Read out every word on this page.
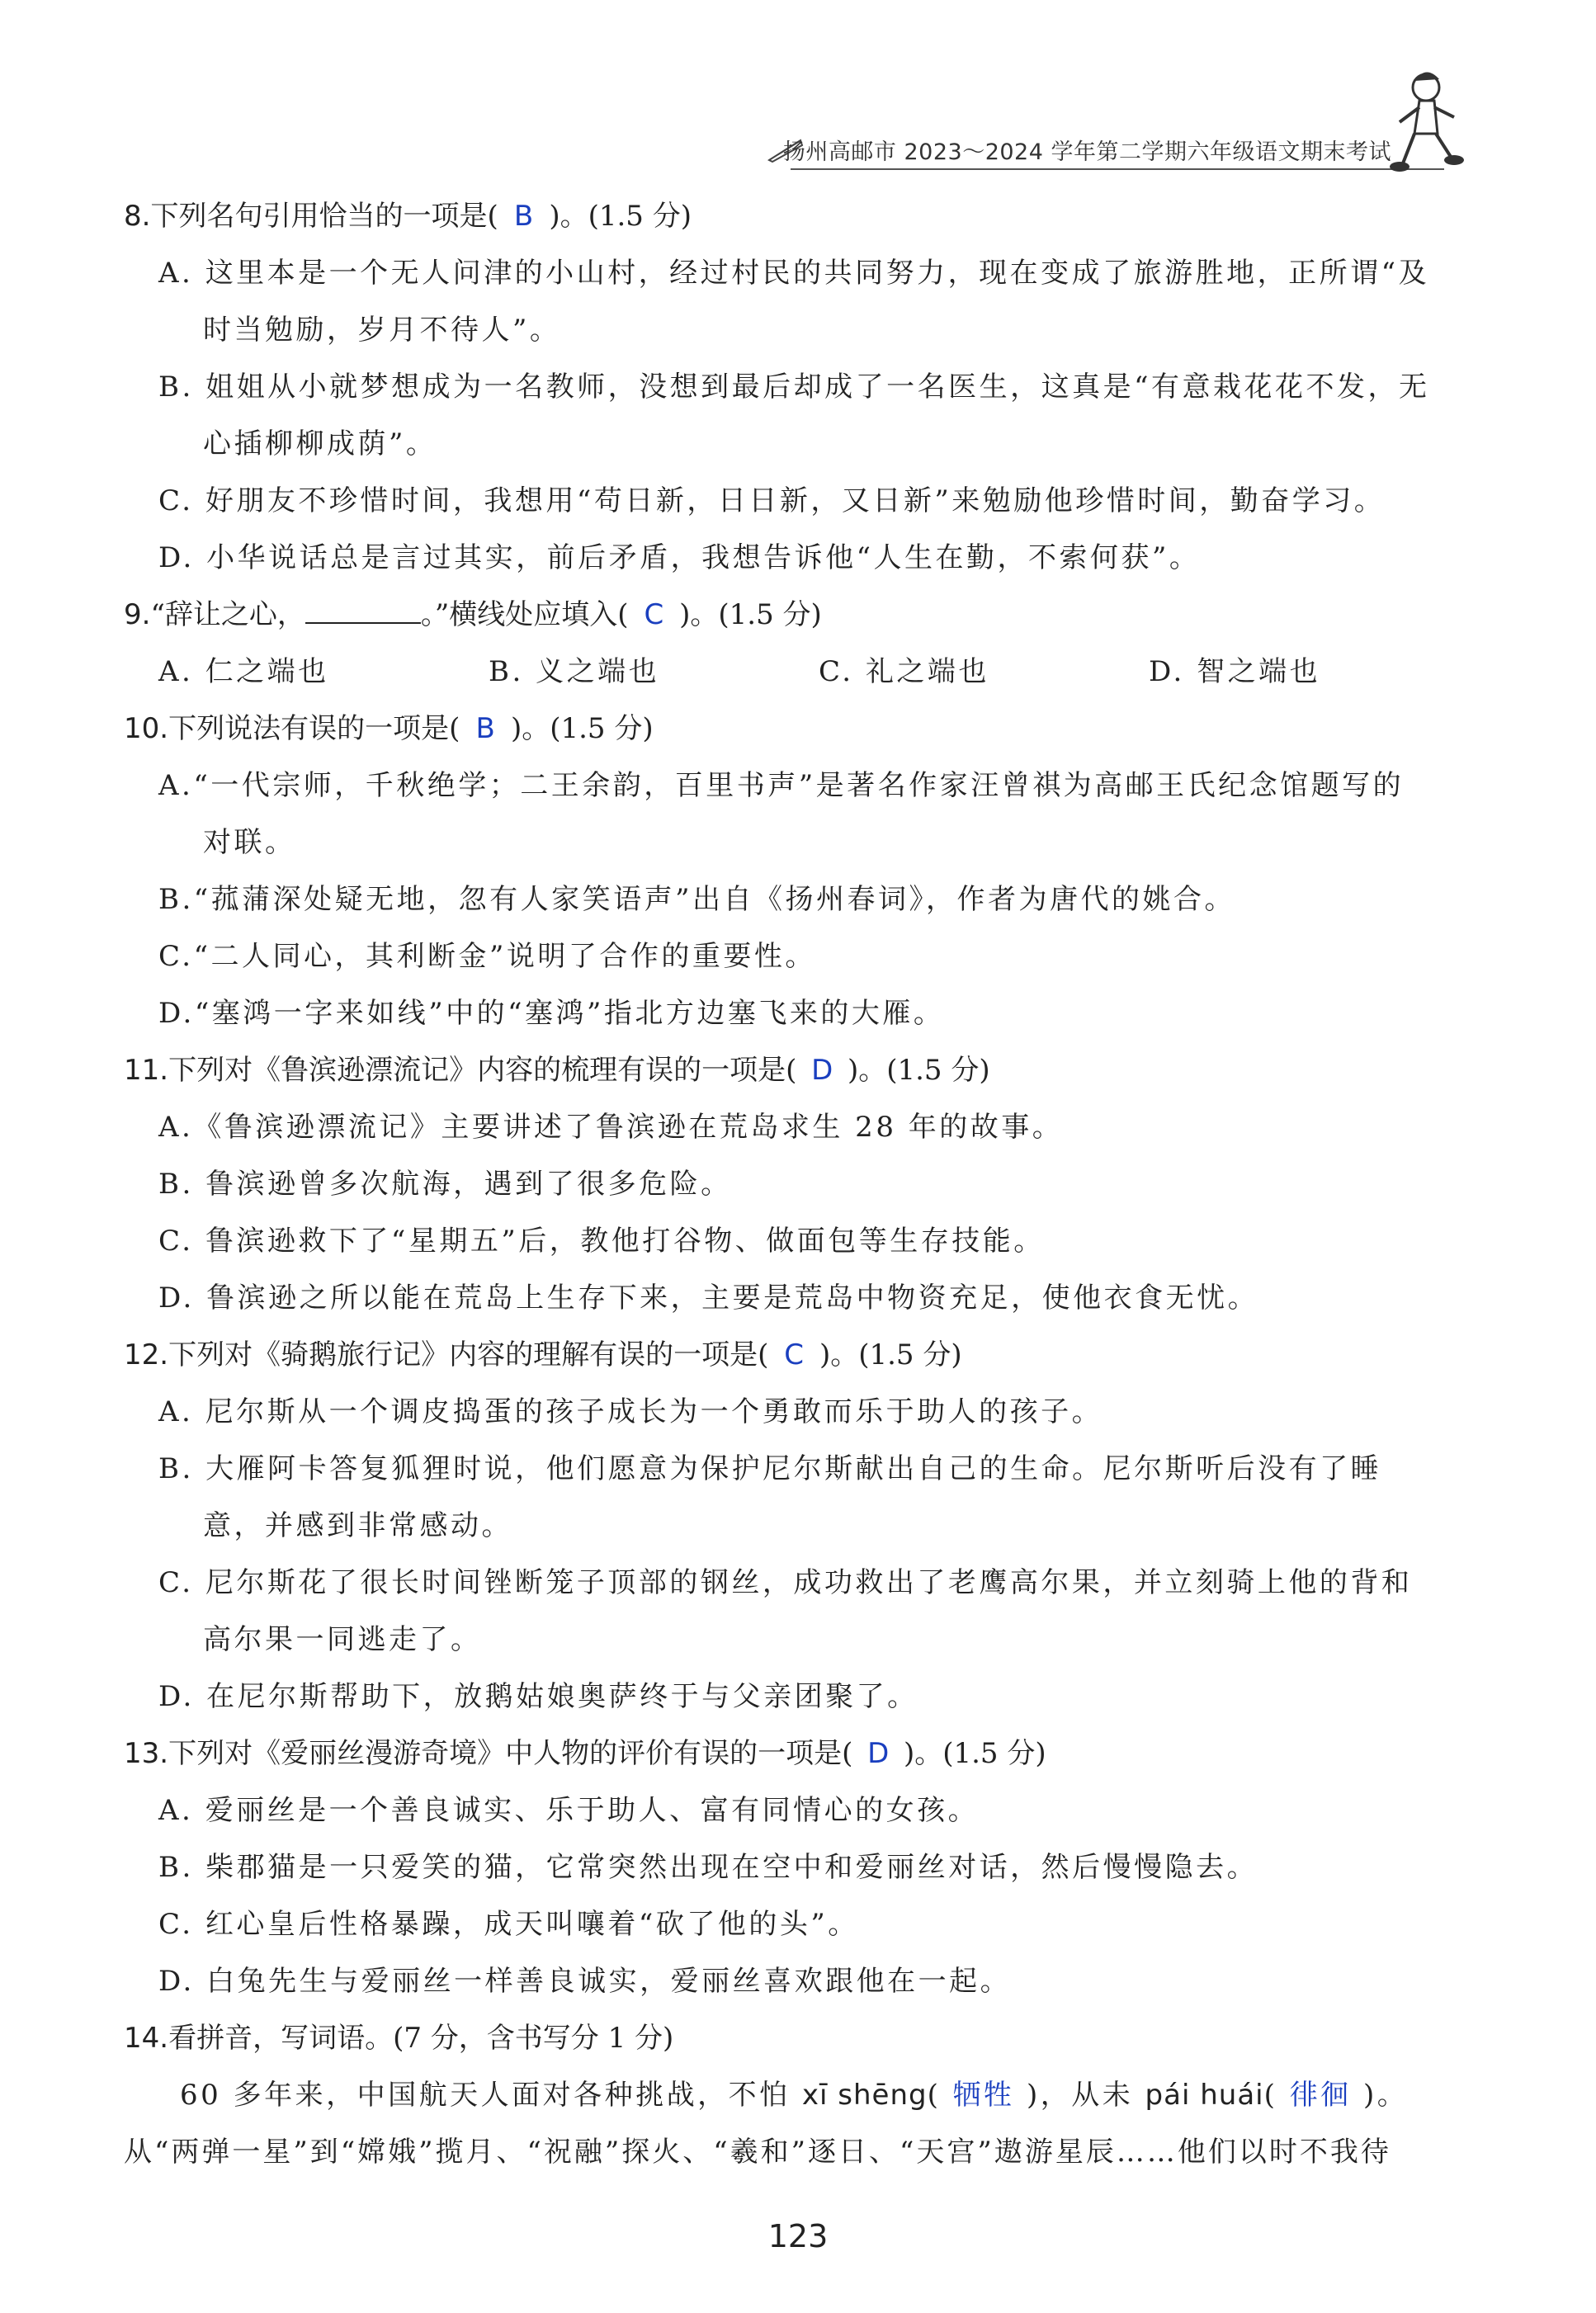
扬州高邮市 2023～2024 学年第二学期六年级语文期末考试
8.下列名句引用恰当的一项是( B )。(1.5 分)
A. 这里本是一个无人问津的小山村，经过村民的共同努力，现在变成了旅游胜地，正所谓“及
时当勉励，岁月不待人”。
B. 姐姐从小就梦想成为一名教师，没想到最后却成了一名医生，这真是“有意栽花花不发，无
心插柳柳成荫”。
C. 好朋友不珍惜时间，我想用“苟日新，日日新，又日新”来勉励他珍惜时间，勤奋学习。
D. 小华说话总是言过其实，前后矛盾，我想告诉他“人生在勤，不索何获”。
9.“辞让之心，	。”横线处应填入( C )。(1.5 分)
A. 仁之端也	B. 义之端也	C. 礼之端也	D. 智之端也
10.下列说法有误的一项是( B )。(1.5 分)
A.“一代宗师，千秋绝学；二王余韵，百里书声”是著名作家汪曾祺为高邮王氏纪念馆题写的
对联。
B.“菰蒲深处疑无地，忽有人家笑语声”出自《扬州春词》，作者为唐代的姚合。
C.“二人同心，其利断金”说明了合作的重要性。
D.“塞鸿一字来如线”中的“塞鸿”指北方边塞飞来的大雁。
11.下列对《鲁滨逊漂流记》内容的梳理有误的一项是( D )。(1.5 分)
A.《鲁滨逊漂流记》主要讲述了鲁滨逊在荒岛求生 28 年的故事。
B. 鲁滨逊曾多次航海，遇到了很多危险。
C. 鲁滨逊救下了“星期五”后，教他打谷物、做面包等生存技能。
D. 鲁滨逊之所以能在荒岛上生存下来，主要是荒岛中物资充足，使他衣食无忧。
12.下列对《骑鹅旅行记》内容的理解有误的一项是( C )。(1.5 分)
A. 尼尔斯从一个调皮捣蛋的孩子成长为一个勇敢而乐于助人的孩子。
B. 大雁阿卡答复狐狸时说，他们愿意为保护尼尔斯献出自己的生命。尼尔斯听后没有了睡
意，并感到非常感动。
C. 尼尔斯花了很长时间锉断笼子顶部的钢丝，成功救出了老鹰高尔果，并立刻骑上他的背和
高尔果一同逃走了。
D. 在尼尔斯帮助下，放鹅姑娘奥萨终于与父亲团聚了。
13.下列对《爱丽丝漫游奇境》中人物的评价有误的一项是( D )。(1.5 分)
A. 爱丽丝是一个善良诚实、乐于助人、富有同情心的女孩。
B. 柴郡猫是一只爱笑的猫，它常突然出现在空中和爱丽丝对话，然后慢慢隐去。
C. 红心皇后性格暴躁，成天叫嚷着“砍了他的头”。
D. 白兔先生与爱丽丝一样善良诚实，爱丽丝喜欢跟他在一起。
14.看拼音，写词语。(7 分，含书写分 1 分)
60 多年来，中国航天人面对各种挑战，不怕 xī shēng( 牺牲 )，从未 pái huái( 徘徊 )。
从“两弹一星”到“嫦娥”揽月、“祝融”探火、“羲和”逐日、“天宫”遨游星辰……他们以时不我待
123
